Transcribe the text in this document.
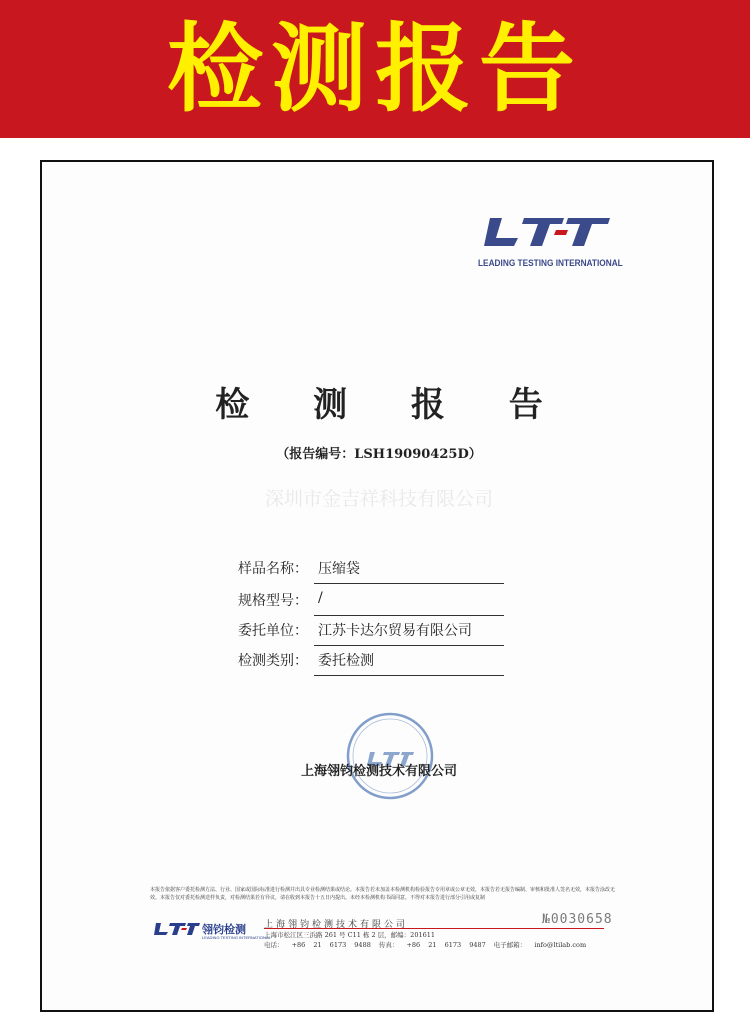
检测报告
LEADING TESTING INTERNATIONAL
检 测 报 告
（报告编号：LSH19090425D）
深圳市金吉祥科技有限公司
样品名称： 压缩袋
规格型号： /
委托单位： 江苏卡达尔贸易有限公司
检测类别： 委托检测
上海翎钧检测技术有限公司
本报告依据客户委托检测方法、行业、国家或国际标准进行检测并出具专业检测结果或结论。本报告若未加盖本检测机构检验报告专用章或公章无效，本报告若无报告编制、审核和批准人签名无效，本报告涂改无效。本报告仅对委托检测送样负责，对检测结果若有异议，请在收到本报告十五日内提出。未经本检测机构书面同意，不得对本报告进行部分引用或复制
翎钧检测
LEADING TESTING INTERNATIONAL
上海翎钧检测技术有限公司
上海市松江区三浜路 261 号 C11 栋 2 层，邮编：201611
电话： +86 21 6173 9488 传真： +86 21 6173 9487 电子邮箱： info@ltilab.com
№0030658
